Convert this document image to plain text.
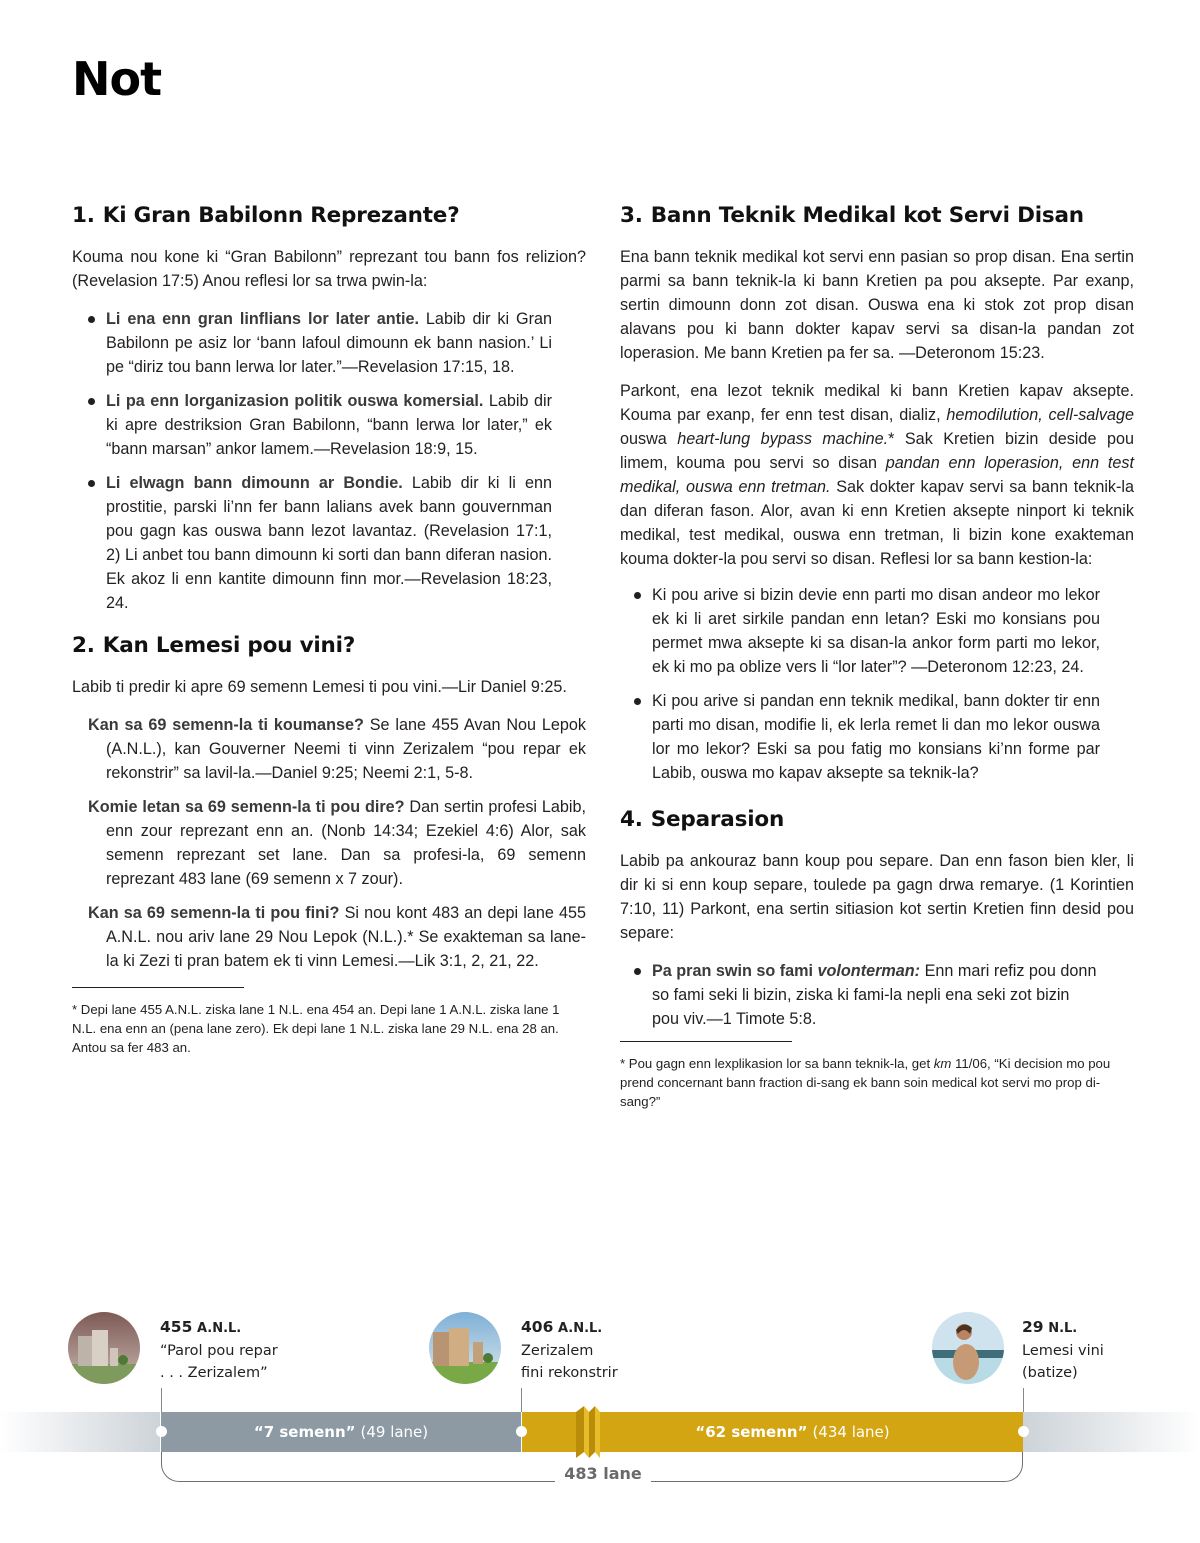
Not
1. Ki Gran Babilonn Reprezante?

Kouma nou kone ki “Gran Babilonn” reprezant tou bann fos relizion? (Revelasion 17:5) Anou reflesi lor sa trwa pwin-la:

Li ena enn gran linflians lor later antie. Labib dir ki Gran Babilonn pe asiz lor ‘bann lafoul dimounn ek bann nasion.’ Li pe “diriz tou bann lerwa lor later.”—Revelasion 17:15, 18.
Li pa enn lorganizasion politik ouswa komersial. Labib dir ki apre destriksion Gran Babilonn, “bann lerwa lor later,” ek “bann marsan” ankor lamem.—Revelasion 18:9, 15.
Li elwagn bann dimounn ar Bondie. Labib dir ki li enn prostitie, parski li’nn fer bann lalians avek bann gouvernman pou gagn kas ouswa bann lezot lavantaz. (Revelasion 17:1, 2) Li anbet tou bann dimounn ki sorti dan bann diferan nasion. Ek akoz li enn kantite dimounn finn mor.—Revelasion 18:23, 24.
2. Kan Lemesi pou vini?

Labib ti predir ki apre 69 semenn Lemesi ti pou vini.—Lir Daniel 9:25.

Kan sa 69 semenn-la ti koumanse? Se lane 455 Avan Nou Lepok (A.N.L.), kan Gouverner Neemi ti vinn Zerizalem “pou repar ek rekonstrir” sa lavil-la.—Daniel 9:25; Neemi 2:1, 5-8.

Komie letan sa 69 semenn-la ti pou dire? Dan sertin profesi Labib, enn zour reprezant enn an. (Nonb 14:34; Ezekiel 4:6) Alor, sak semenn reprezant set lane. Dan sa profesi-la, 69 semenn reprezant 483 lane (69 semenn x 7 zour).

Kan sa 69 semenn-la ti pou fini? Si nou kont 483 an depi lane 455 A.N.L. nou ariv lane 29 Nou Lepok (N.L.).* Se exakteman sa lane-la ki Zezi ti pran batem ek ti vinn Lemesi.—Lik 3:1, 2, 21, 22.

* Depi lane 455 A.N.L. ziska lane 1 N.L. ena 454 an. Depi lane 1 A.N.L. ziska lane 1 N.L. ena enn an (pena lane zero). Ek depi lane 1 N.L. ziska lane 29 N.L. ena 28 an. Antou sa fer 483 an.

3. Bann Teknik Medikal kot Servi Disan

Ena bann teknik medikal kot servi enn pasian so prop disan. Ena sertin parmi sa bann teknik-la ki bann Kretien pa pou aksepte. Par exanp, sertin dimounn donn zot disan. Ouswa ena ki stok zot prop disan alavans pou ki bann dokter kapav servi sa disan-la pandan zot loperasion. Me bann Kretien pa fer sa. —Deteronom 15:23.

Parkont, ena lezot teknik medikal ki bann Kretien kapav aksepte. Kouma par exanp, fer enn test disan, dializ, hemodilution, cell-salvage ouswa heart-lung bypass machine.* Sak Kretien bizin deside pou limem, kouma pou servi so disan pandan enn loperasion, enn test medikal, ouswa enn tretman. Sak dokter kapav servi sa bann teknik-la dan diferan fason. Alor, avan ki enn Kretien aksepte ninport ki teknik medikal, test medikal, ouswa enn tretman, li bizin kone exakteman kouma dokter-la pou servi so disan. Reflesi lor sa bann kestion-la:

Ki pou arive si bizin devie enn parti mo disan andeor mo lekor ek ki li aret sirkile pandan enn letan? Eski mo konsians pou permet mwa aksepte ki sa disan-la ankor form parti mo lekor, ek ki mo pa oblize vers li “lor later”? —Deteronom 12:23, 24.
Ki pou arive si pandan enn teknik medikal, bann dokter tir enn parti mo disan, modifie li, ek lerla remet li dan mo lekor ouswa lor mo lekor? Eski sa pou fatig mo konsians ki’nn forme par Labib, ouswa mo kapav aksepte sa teknik-la?
4. Separasion

Labib pa ankouraz bann koup pou separe. Dan enn fason bien kler, li dir ki si enn koup separe, toulede pa gagn drwa remarye. (1 Korintien 7:10, 11) Parkont, ena sertin sitiasion kot sertin Kretien finn desid pou separe:

Pa pran swin so fami volonterman: Enn mari refiz pou donn so fami seki li bizin, ziska ki fami-la nepli ena seki zot bizin pou viv.—1 Timote 5:8.

* Pou gagn enn lexplikasion lor sa bann teknik-la, get km 11/06, “Ki decision mo pou prend concernant bann fraction di-sang ek bann soin medical kot servi mo prop di-sang?”

455 A.N.L.
“Parol pou repar
. . . Zerizalem”
406 A.N.L.
Zerizalem
fini rekonstrir
29 N.L.
Lemesi vini
(batize)
“7 semenn” (49 lane)	“62 semenn” (434 lane)
483 lane
